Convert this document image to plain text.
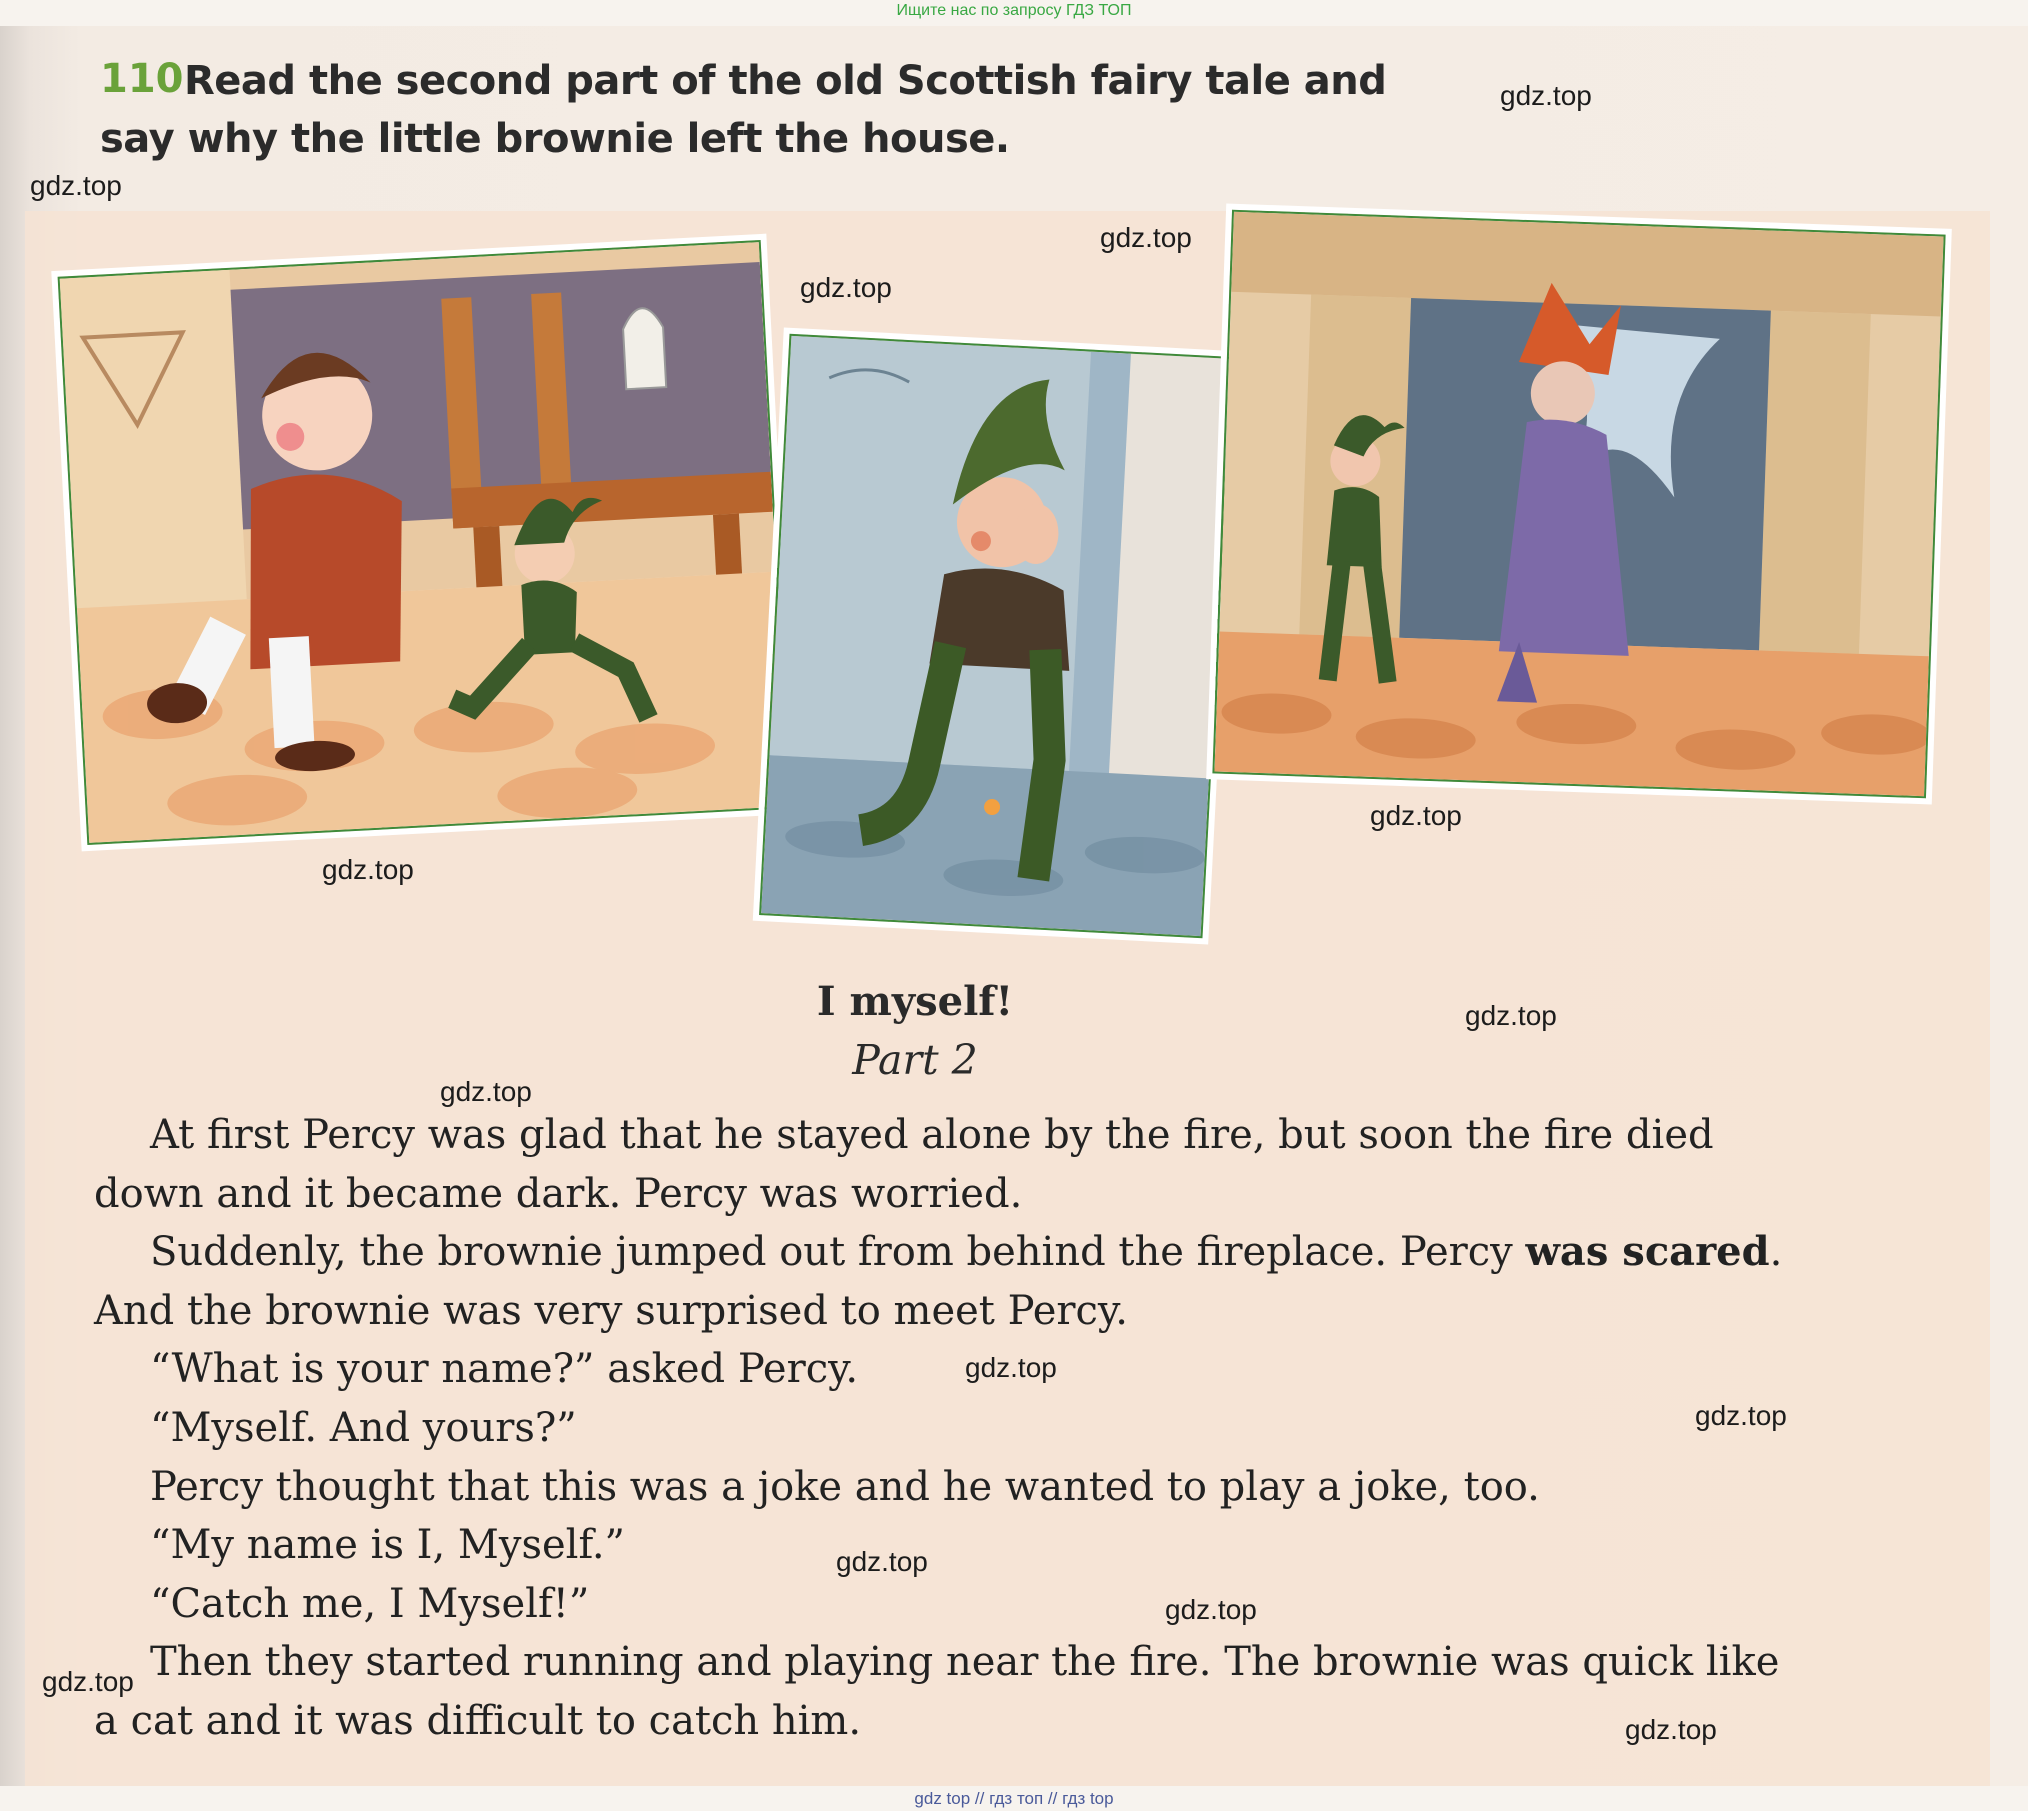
Ищите нас по запросу ГДЗ ТОП
110 Read the second part of the old Scottish fairy tale and say why the little brownie left the house.
I myself!
Part 2

At first Percy was glad that he stayed alone by the fire, but soon the fire died down and it became dark. Percy was worried.

Suddenly, the brownie jumped out from behind the fireplace. Percy was scared. And the brownie was very surprised to meet Percy.

“What is your name?” asked Percy.

“Myself. And yours?”

Percy thought that this was a joke and he wanted to play a joke, too.

“My name is I, Myself.”

“Catch me, I Myself!”

Then they started running and playing near the fire. The brownie was quick like a cat and it was difficult to catch him.

gdz.top
gdz.top
gdz.top
gdz.top
gdz.top
gdz.top
gdz.top
gdz.top
gdz.top
gdz.top
gdz.top
gdz.top
gdz.top
gdz.top
gdz top // гдз топ // гдз top
